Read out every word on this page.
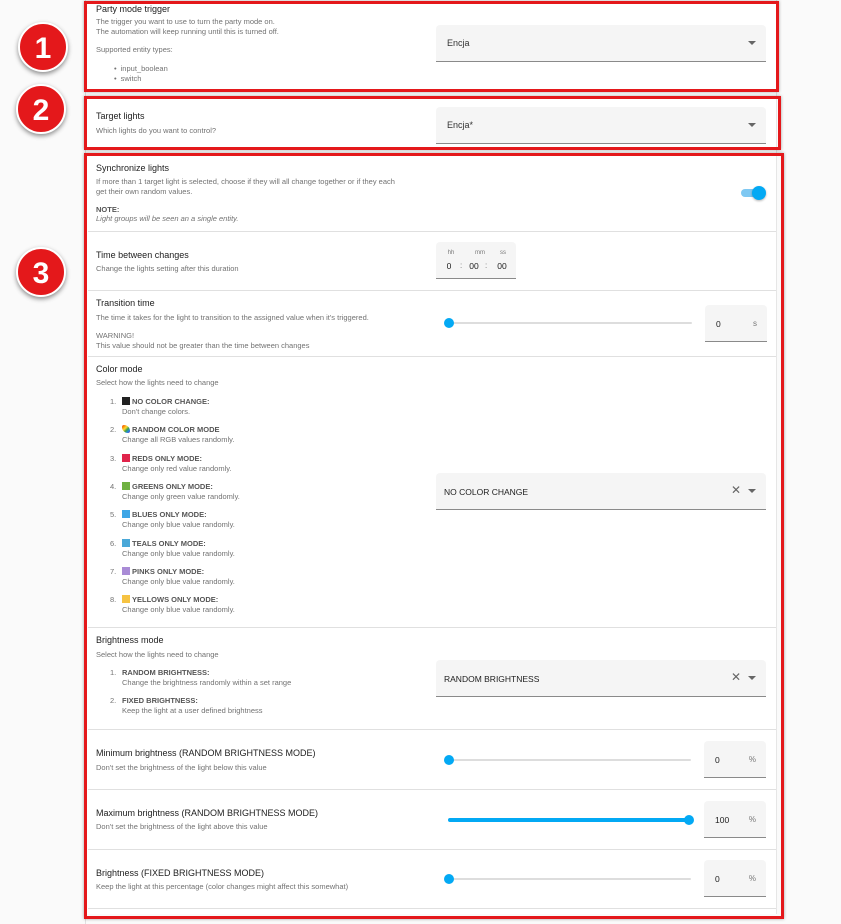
Party mode trigger
The trigger you want to use to turn the party mode on.
The automation will keep running until this is turned off.
Supported entity types:
• input_boolean
• switch
Encja
Target lights
Which lights do you want to control?
Encja*
Synchronize lights
If more than 1 target light is selected, choose if they will all change together or if they each
get their own random values.
NOTE:
Light groups will be seen an a single entity.
Time between changes
Change the lights setting after this duration
hh	mm	ss
0	: 00 :	00
Transition time
The time it takes for the light to transition to the assigned value when it's triggered.
WARNING!
This value should not be greater than the time between changes
0	s
Color mode
Select how the lights need to change
1.	NO COLOR CHANGE:
Don't change colors.
2.	RANDOM COLOR MODE
Change all RGB values randomly.
3.	REDS ONLY MODE:
Change only red value randomly.
4.	GREENS ONLY MODE:
Change only green value randomly.
5.	BLUES ONLY MODE:
Change only blue value randomly.
6.	TEALS ONLY MODE:
Change only blue value randomly.
7.	PINKS ONLY MODE:
Change only blue value randomly.
8.	YELLOWS ONLY MODE:
Change only blue value randomly.
NO COLOR CHANGE	✕
Brightness mode
Select how the lights need to change
1. RANDOM BRIGHTNESS:
Change the brightness randomly within a set range
2. FIXED BRIGHTNESS:
Keep the light at a user defined brightness
RANDOM BRIGHTNESS	✕
Minimum brightness (RANDOM BRIGHTNESS MODE)
Don't set the brightness of the light below this value
0	%
Maximum brightness (RANDOM BRIGHTNESS MODE)
Don't set the brightness of the light above this value
100 %
Brightness (FIXED BRIGHTNESS MODE)
Keep the light at this percentage (color changes might affect this somewhat)
0	%
1
2
3
